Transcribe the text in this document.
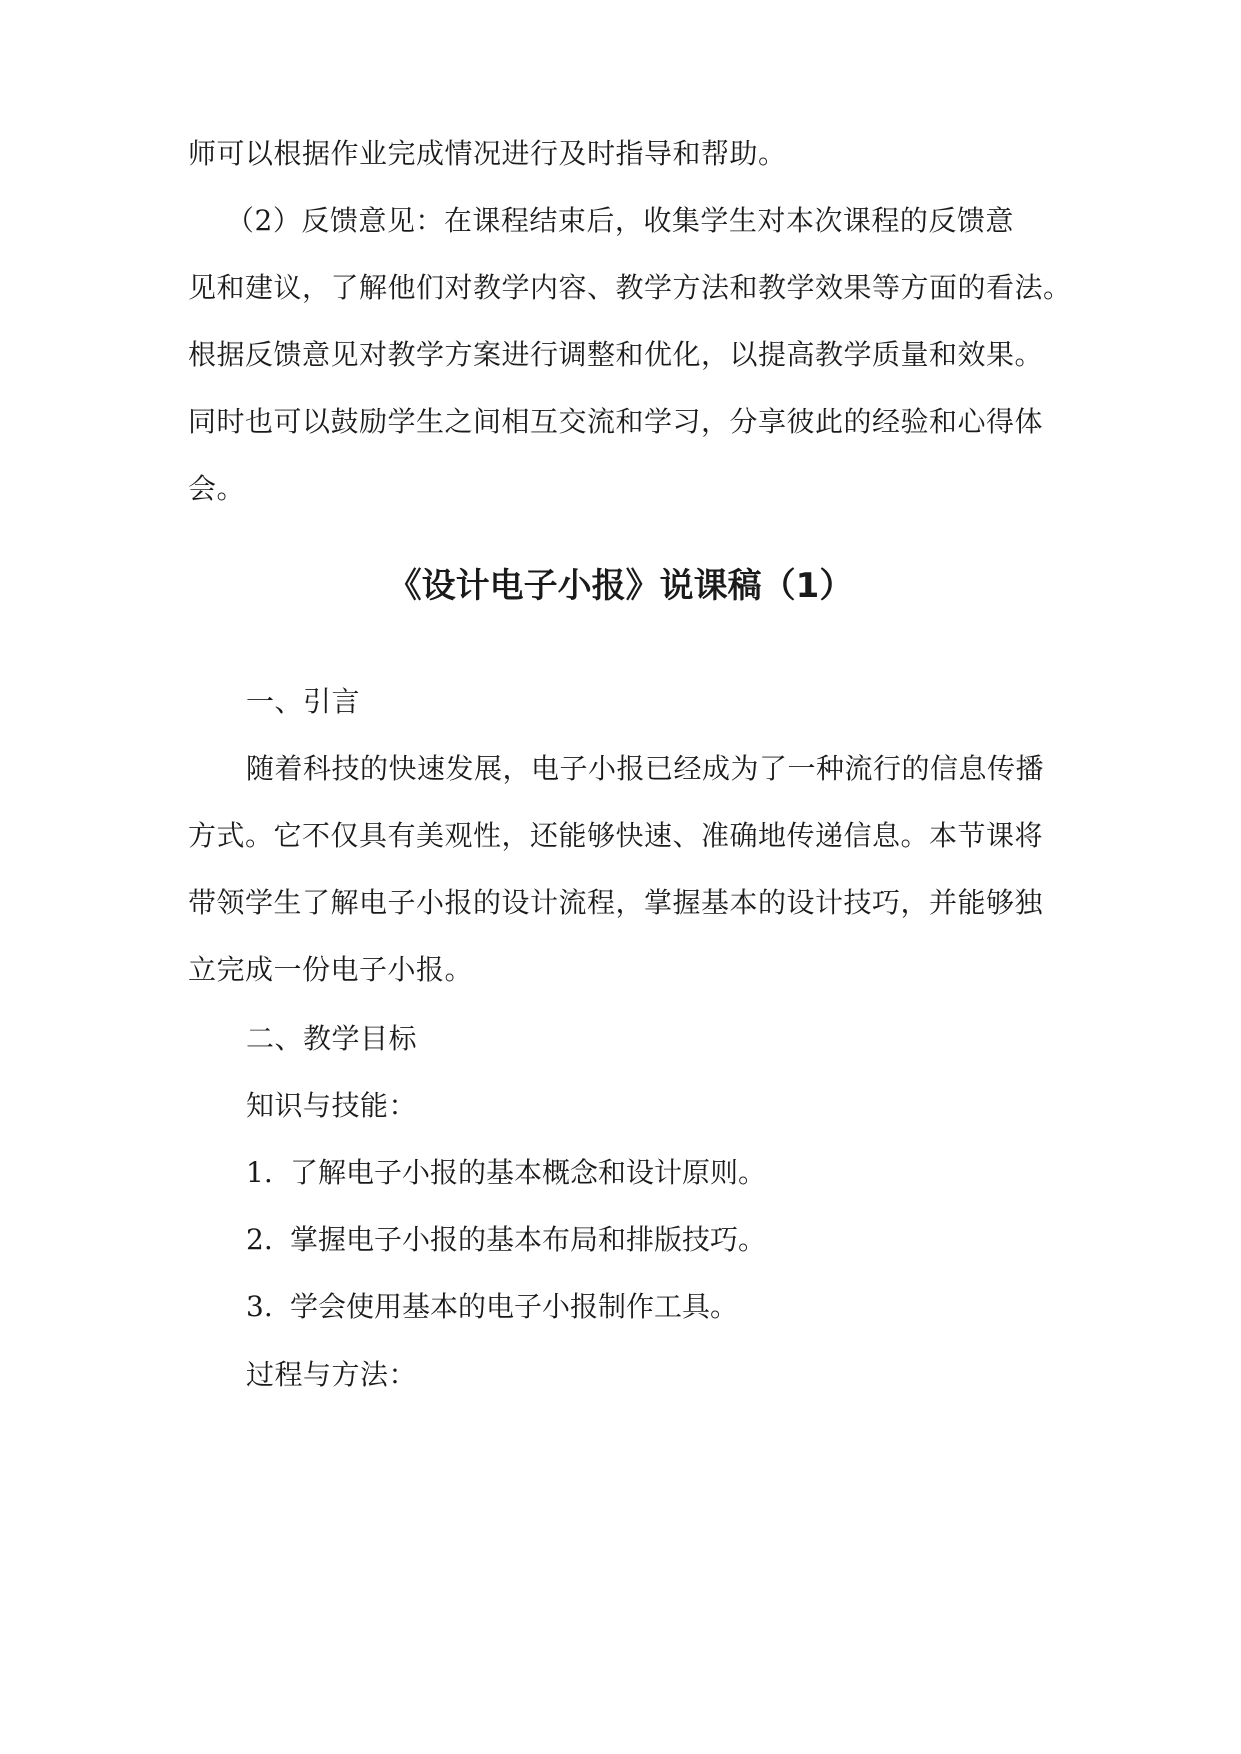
师可以根据作业完成情况进行及时指导和帮助。
（2）反馈意见：在课程结束后，收集学生对本次课程的反馈意
见和建议，了解他们对教学内容、教学方法和教学效果等方面的看法。
根据反馈意见对教学方案进行调整和优化，以提高教学质量和效果。
同时也可以鼓励学生之间相互交流和学习，分享彼此的经验和心得体
会。
《设计电子小报》说课稿（1）
一、引言
随着科技的快速发展，电子小报已经成为了一种流行的信息传播
方式。它不仅具有美观性，还能够快速、准确地传递信息。本节课将
带领学生了解电子小报的设计流程，掌握基本的设计技巧，并能够独
立完成一份电子小报。
二、教学目标
知识与技能：
1. 了解电子小报的基本概念和设计原则。
2. 掌握电子小报的基本布局和排版技巧。
3. 学会使用基本的电子小报制作工具。
过程与方法：
